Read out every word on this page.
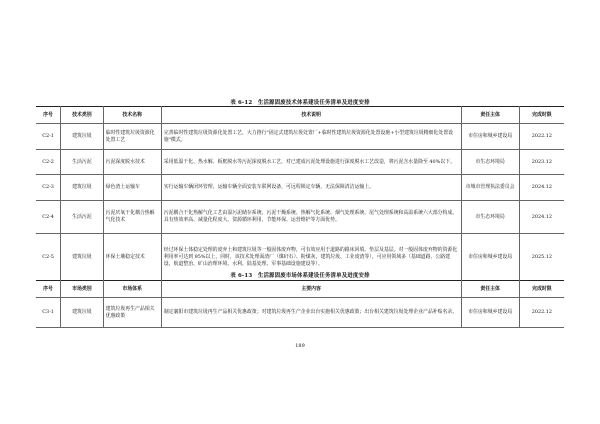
表 6-12　生活源固废技术体系建设任务清单及进度安排
序号	技术类别	技术名称	技术说明	责任主体	完成时限
C2-1	建筑垃圾	临时性建筑垃圾资源化处置工艺	完善临时性建筑垃圾资源化处置工艺，大力推行"固定式建筑垃圾处置厂+临时性建筑垃圾资源化处置设施+小型建筑垃圾精细化处置设施"模式。	市住房和城乡建设局	2022.12
C2-2	生活污泥	污泥深度脱水技术	采用低温干化、热水解、板框脱水等污泥深度脱水工艺，对已建成污泥处理设施进行深度脱水工艺改造，将污泥含水量降至 40%以下。	市生态环境局	2023.12
C2-3	建筑垃圾	绿色渣土运输车	实行运输车辆闭环管理，运输车辆全面安装车联网设备，可远程锁定车辆，无法保障清洁运输上。	市城市管理执法委员会	2024.12
C2-4	生活污泥	污泥厌氧干化耦合热解气化技术	污泥耦合干化热解气化工艺由湿污泥储存系统、污泥干燥系统、热解气化系统、烟气处理系统、尾气处理系统和高温系统六大部分构成。具有热效率高、减量化程度大、资源循环利用、节能环保、运营维护等方面优势。	市生态环境局	2024.12
C2-5	建筑垃圾	环保土壤稳定技术	经过环保土体稳定处理的废弃土和建筑垃圾等一般固体废弃物，可有效应用于道路的路床回填、垫层及基层。对一般固体废弃物的资源化利用率可达到 95%以上，同时，该技术处理面渣厂（煤矸石）、粉煤灰、建筑垃圾、工业废渣等），可应用领域多（基础道路、公路建设、航道整治、矿山治理环境、水利、陆基处理、军事基础设施建设等）。	市住房和城乡建设局	2025.12
表 6-13　生活源固废市场体系建设任务清单及进度安排
序号	市场类别	市场体系	主要内容	责任主体	完成时限
C3-1	建筑垃圾	建筑垃圾再生产品相关优惠政策	制定襄阳市建筑垃圾再生产品相关优惠政策；对建筑垃圾再生产企业出台实施相关优惠政策；出台相关建筑垃圾处理企业产品补贴名录。	市住房和城乡建设局	2022.12
189
